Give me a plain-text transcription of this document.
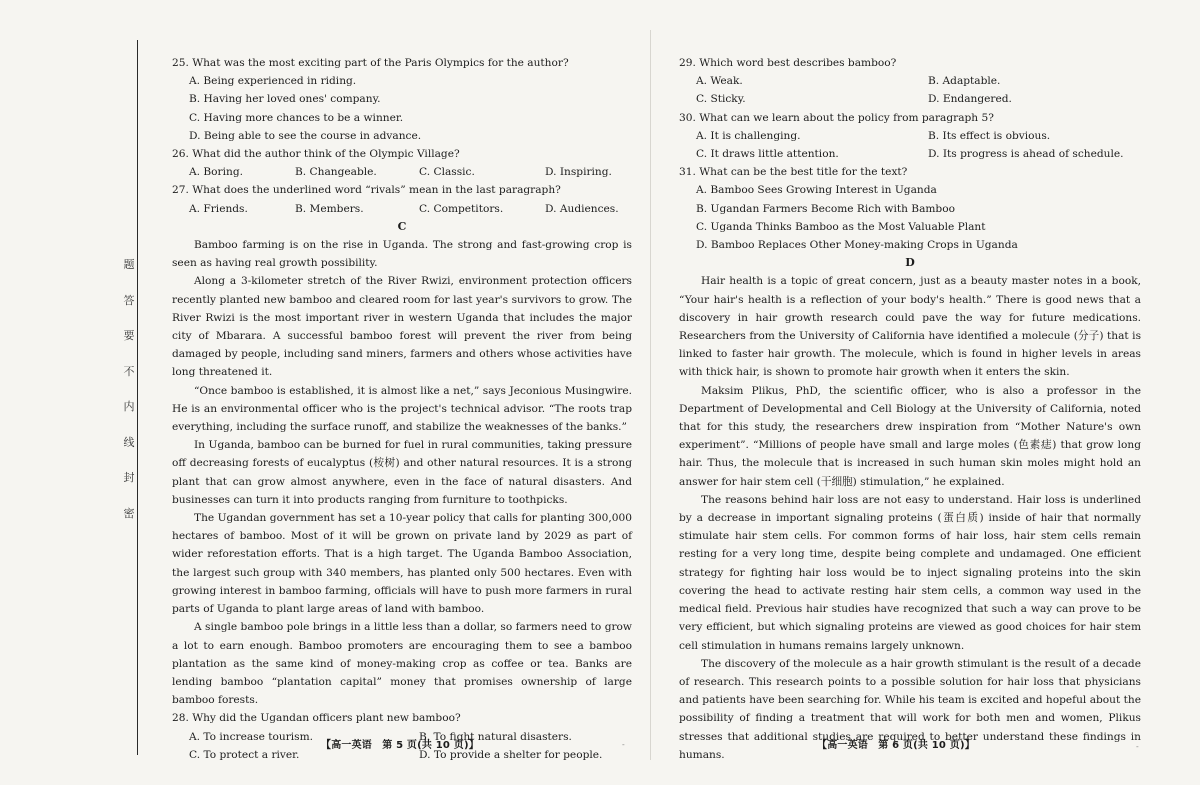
题
答
要
不
内
线
封
密

25. What was the most exciting part of the Paris Olympics for the author?

A. Being experienced in riding.

B. Having her loved ones' company.

C. Having more chances to be a winner.

D. Being able to see the course in advance.

26. What did the author think of the Olympic Village?

A. Boring.	B. Changeable.	C. Classic.	D. Inspiring.

27. What does the underlined word “rivals” mean in the last paragraph?

A. Friends.	B. Members.	C. Competitors.	D. Audiences.

C

Bamboo farming is on the rise in Uganda. The strong and fast-growing crop is seen as having real growth possibility.

Along a 3-kilometer stretch of the River Rwizi, environment protection officers recently planted new bamboo and cleared room for last year's survivors to grow. The River Rwizi is the most important river in western Uganda that includes the major city of Mbarara. A successful bamboo forest will prevent the river from being damaged by people, including sand miners, farmers and others whose activities have long threatened it.

“Once bamboo is established, it is almost like a net,” says Jeconious Musingwire. He is an environmental officer who is the project's technical advisor. “The roots trap everything, including the surface runoff, and stabilize the weaknesses of the banks.”

In Uganda, bamboo can be burned for fuel in rural communities, taking pressure off decreasing forests of eucalyptus (桉树) and other natural resources. It is a strong plant that can grow almost anywhere, even in the face of natural disasters. And businesses can turn it into products ranging from furniture to toothpicks.

The Ugandan government has set a 10-year policy that calls for planting 300,000 hectares of bamboo. Most of it will be grown on private land by 2029 as part of wider reforestation efforts. That is a high target. The Uganda Bamboo Association, the largest such group with 340 members, has planted only 500 hectares. Even with growing interest in bamboo farming, officials will have to push more farmers in rural parts of Uganda to plant large areas of land with bamboo.

A single bamboo pole brings in a little less than a dollar, so farmers need to grow a lot to earn enough. Bamboo promoters are encouraging them to see a bamboo plantation as the same kind of money-making crop as coffee or tea. Banks are lending bamboo “plantation capital” money that promises ownership of large bamboo forests.

28. Why did the Ugandan officers plant new bamboo?

A. To increase tourism.	B. To fight natural disasters.

C. To protect a river.	D. To provide a shelter for people.

【高一英语　第 5 页(共 10 页)】

29. Which word best describes bamboo?

A. Weak.	B. Adaptable.

C. Sticky.	D. Endangered.

30. What can we learn about the policy from paragraph 5?

A. It is challenging.	B. Its effect is obvious.

C. It draws little attention.	D. Its progress is ahead of schedule.

31. What can be the best title for the text?

A. Bamboo Sees Growing Interest in Uganda

B. Ugandan Farmers Become Rich with Bamboo

C. Uganda Thinks Bamboo as the Most Valuable Plant

D. Bamboo Replaces Other Money-making Crops in Uganda

D

Hair health is a topic of great concern, just as a beauty master notes in a book, “Your hair's health is a reflection of your body's health.” There is good news that a discovery in hair growth research could pave the way for future medications. Researchers from the University of California have identified a molecule (分子) that is linked to faster hair growth. The molecule, which is found in higher levels in areas with thick hair, is shown to promote hair growth when it enters the skin.

Maksim Plikus, PhD, the scientific officer, who is also a professor in the Department of Developmental and Cell Biology at the University of California, noted that for this study, the researchers drew inspiration from “Mother Nature's own experiment”. “Millions of people have small and large moles (色素痣) that grow long hair. Thus, the molecule that is increased in such human skin moles might hold an answer for hair stem cell (干细胞) stimulation,” he explained.

The reasons behind hair loss are not easy to understand. Hair loss is underlined by a decrease in important signaling proteins (蛋白质) inside of hair that normally stimulate hair stem cells. For common forms of hair loss, hair stem cells remain resting for a very long time, despite being complete and undamaged. One efficient strategy for fighting hair loss would be to inject signaling proteins into the skin covering the head to activate resting hair stem cells, a common way used in the medical field. Previous hair studies have recognized that such a way can prove to be very efficient, but which signaling proteins are viewed as good choices for hair stem cell stimulation in humans remains largely unknown.

The discovery of the molecule as a hair growth stimulant is the result of a decade of research. This research points to a possible solution for hair loss that physicians and patients have been searching for. While his team is excited and hopeful about the possibility of finding a treatment that will work for both men and women, Plikus stresses that additional studies are required to better understand these findings in humans.

【高一英语　第 6 页(共 10 页)】
-	-
